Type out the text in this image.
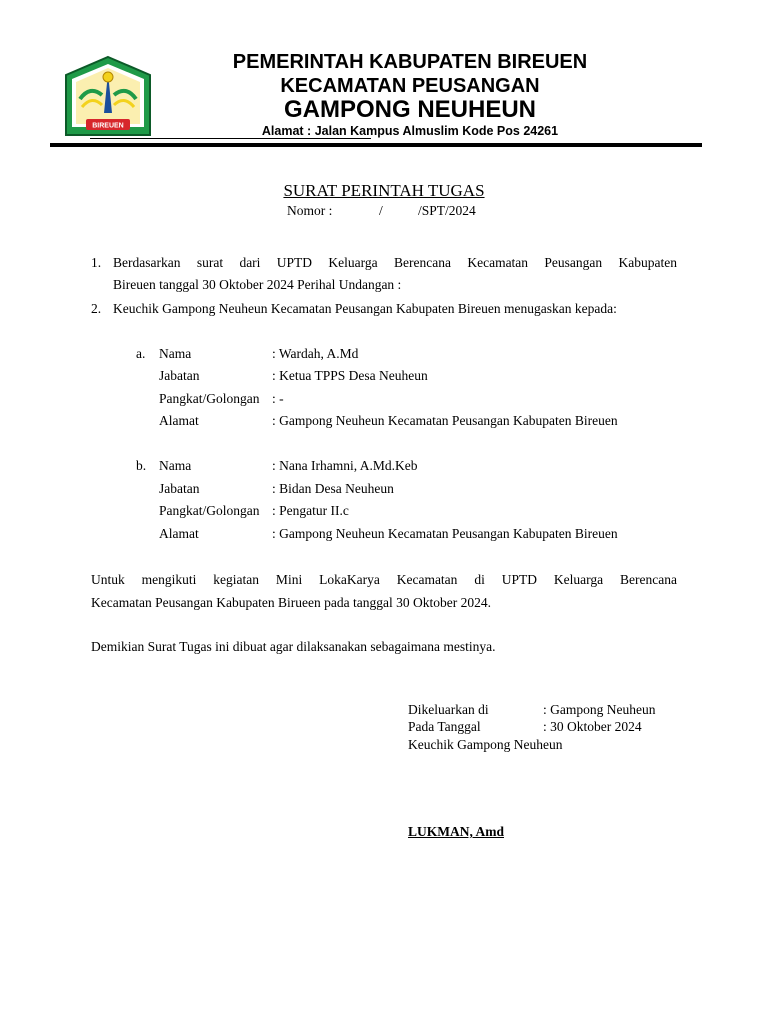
BIREUEN
PEMERINTAH KABUPATEN BIREUEN
KECAMATAN PEUSANGAN
GAMPONG NEUHEUN
Alamat : Jalan Kampus Almuslim Kode Pos 24261
SURAT PERINTAH TUGAS
Nomor :	/	/SPT/2024
1. Berdasarkan surat dari UPTD Keluarga Berencana Kecamatan Peusangan Kabupaten
Bireuen tanggal 30 Oktober 2024 Perihal Undangan :
2. Keuchik Gampong Neuheun Kecamatan Peusangan Kabupaten Bireuen menugaskan kepada:
a. Nama	: Wardah, A.Md
Jabatan	: Ketua TPPS Desa Neuheun
Pangkat/Golongan : -
Alamat	: Gampong Neuheun Kecamatan Peusangan Kabupaten Bireuen
b. Nama	: Nana Irhamni, A.Md.Keb
Jabatan	: Bidan Desa Neuheun
Pangkat/Golongan : Pengatur II.c
Alamat	: Gampong Neuheun Kecamatan Peusangan Kabupaten Bireuen
Untuk mengikuti kegiatan Mini LokaKarya Kecamatan di UPTD Keluarga Berencana
Kecamatan Peusangan Kabupaten Birueen pada tanggal 30 Oktober 2024.
Demikian Surat Tugas ini dibuat agar dilaksanakan sebagaimana mestinya.
Dikeluarkan di	: Gampong Neuheun
Pada Tanggal	: 30 Oktober 2024
Keuchik Gampong Neuheun
LUKMAN, Amd
